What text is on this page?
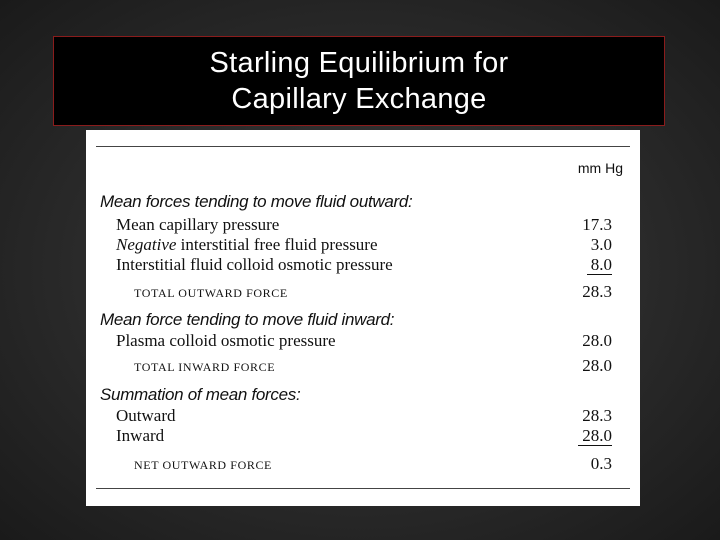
Starling Equilibrium for
Capillary Exchange
mm Hg
Mean forces tending to move fluid outward:
Mean capillary pressure	17.3
Negative interstitial free fluid pressure	3.0
Interstitial fluid colloid osmotic pressure	8.0
TOTAL OUTWARD FORCE	28.3
Mean force tending to move fluid inward:
Plasma colloid osmotic pressure	28.0
TOTAL INWARD FORCE	28.0
Summation of mean forces:
Outward	28.3
Inward	28.0
NET OUTWARD FORCE	0.3
